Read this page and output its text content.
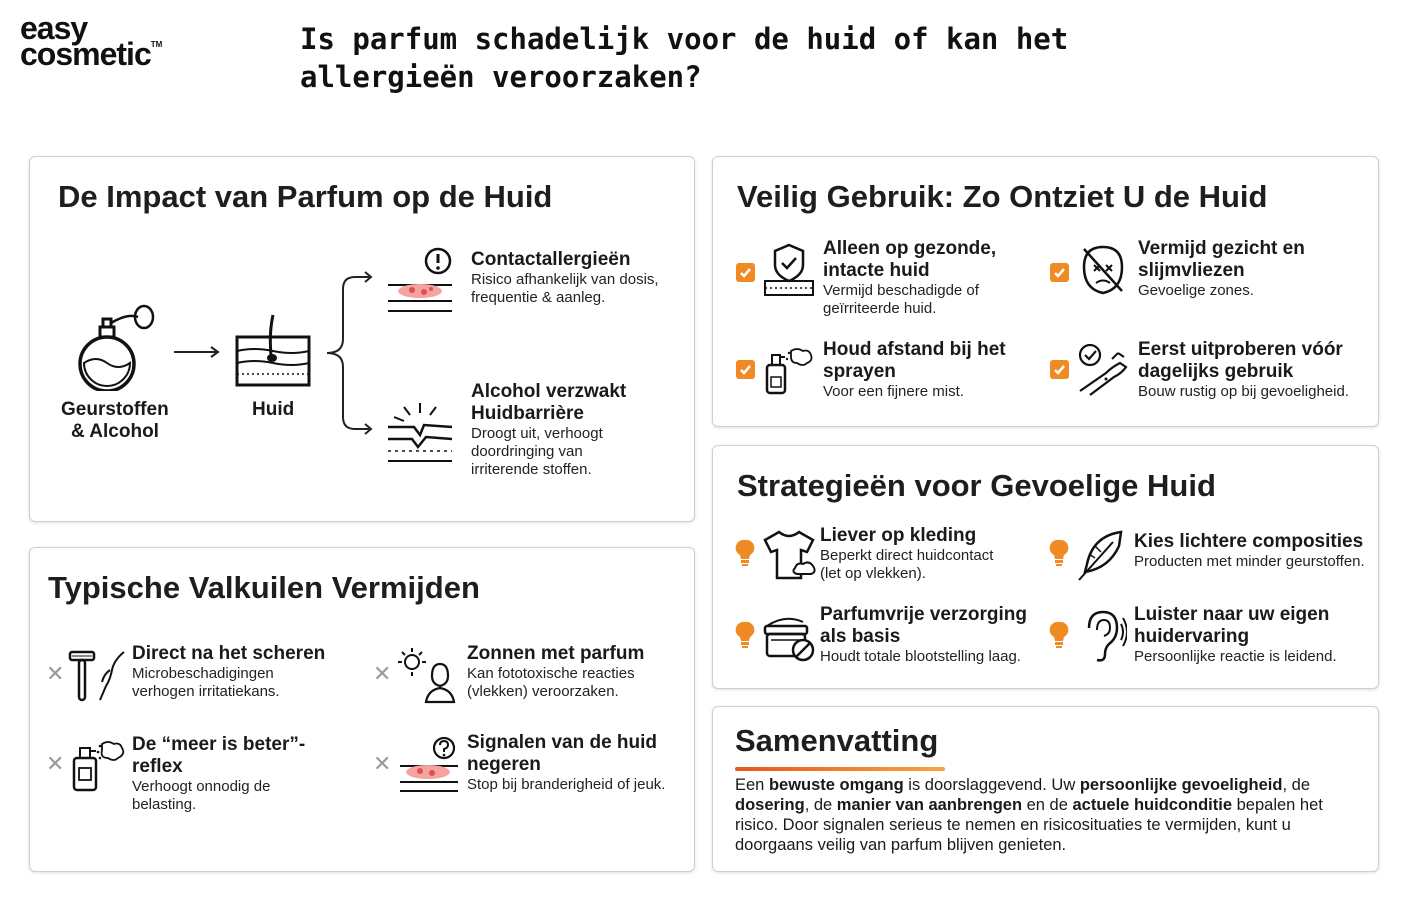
easy
cosmetic™	Is parfum schadelijk voor de huid of kan het allergieën veroorzaken?
De Impact van Parfum op de Huid
Geurstoffen
& Alcohol
Huid
Contactallergieën
Risico afhankelijk van dosis, frequentie & aanleg.
Alcohol verzwakt
Huidbarrière
Droogt uit, verhoogt doordringing van irriterende stoffen.
Veilig Gebruik: Zo Ontziet U de Huid
Alleen op gezonde, intacte huid
Vermijd beschadigde of geïrriteerde huid.
Vermijd gezicht en slijmvliezen
Gevoelige zones.
Houd afstand bij het sprayen
Voor een fijnere mist.
Eerst uitproberen vóór dagelijks gebruik
Bouw rustig op bij gevoeligheid.
Strategieën voor Gevoelige Huid
Liever op kleding
Beperkt direct huidcontact (let op vlekken).
Kies lichtere composities
Producten met minder geurstoffen.
Parfumvrije verzorging als basis
Houdt totale blootstelling laag.
Luister naar uw eigen huidervaring
Persoonlijke reactie is leidend.
Typische Valkuilen Vermijden
✕
Direct na het scheren
Microbeschadigingen verhogen irritatiekans.
✕
Zonnen met parfum
Kan fototoxische reacties (vlekken) veroorzaken.
✕
De “meer is beter”-reflex
Verhoogt onnodig de belasting.
✕
Signalen van de huid negeren
Stop bij branderigheid of jeuk.
Samenvatting
Een bewuste omgang is doorslaggevend. Uw persoonlijke gevoeligheid, de dosering, de manier van aanbrengen en de actuele huidconditie bepalen het risico. Door signalen serieus te nemen en risicosituaties te vermijden, kunt u doorgaans veilig van parfum blijven genieten.
